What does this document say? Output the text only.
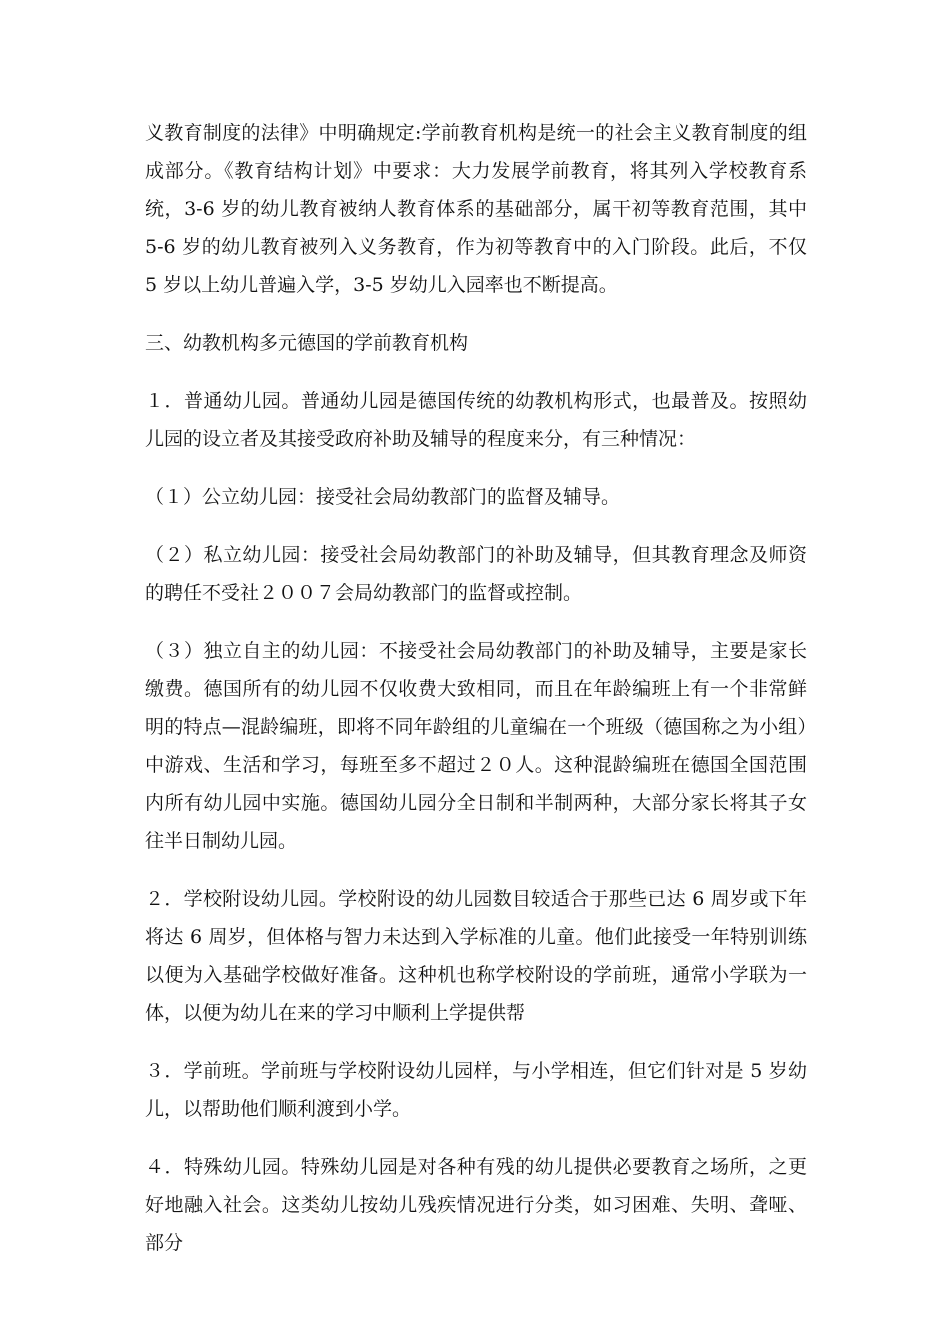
义教育制度的法律》中明确规定:学前教育机构是统一的社会主义教育制度的组成部分。《教育结构计划》中要求：大力发展学前教育，将其列入学校教育系统，3-6 岁的幼儿教育被纳人教育体系的基础部分，属干初等教育范围，其中 5-6 岁的幼儿教育被列入义务教育，作为初等教育中的入门阶段。此后，不仅 5 岁以上幼儿普遍入学，3-5 岁幼儿入园率也不断提高。

三、幼教机构多元德国的学前教育机构

１．普通幼儿园。普通幼儿园是德国传统的幼教机构形式，也最普及。按照幼儿园的设立者及其接受政府补助及辅导的程度来分，有三种情况：

（１）公立幼儿园：接受社会局幼教部门的监督及辅导。

（２）私立幼儿园：接受社会局幼教部门的补助及辅导，但其教育理念及师资的聘任不受社２００７会局幼教部门的监督或控制。

（３）独立自主的幼儿园：不接受社会局幼教部门的补助及辅导，主要是家长缴费。德国所有的幼儿园不仅收费大致相同，而且在年龄编班上有一个非常鲜明的特点—混龄编班，即将不同年龄组的儿童编在一个班级（德国称之为小组）中游戏、生活和学习，每班至多不超过２０人。这种混龄编班在德国全国范围内所有幼儿园中实施。德国幼儿园分全日制和半制两种，大部分家长将其子女往半日制幼儿园。

２．学校附设幼儿园。学校附设的幼儿园数目较适合于那些已达 6 周岁或下年将达 6 周岁，但体格与智力未达到入学标准的儿童。他们此接受一年特别训练以便为入基础学校做好准备。这种机也称学校附设的学前班，通常小学联为一体，以便为幼儿在来的学习中顺利上学提供帮

３．学前班。学前班与学校附设幼儿园样，与小学相连，但它们针对是 5 岁幼儿，以帮助他们顺利渡到小学。

４．特殊幼儿园。特殊幼儿园是对各种有残的幼儿提供必要教育之场所，之更好地融入社会。这类幼儿按幼儿残疾情况进行分类，如习困难、失明、聋哑、部分
